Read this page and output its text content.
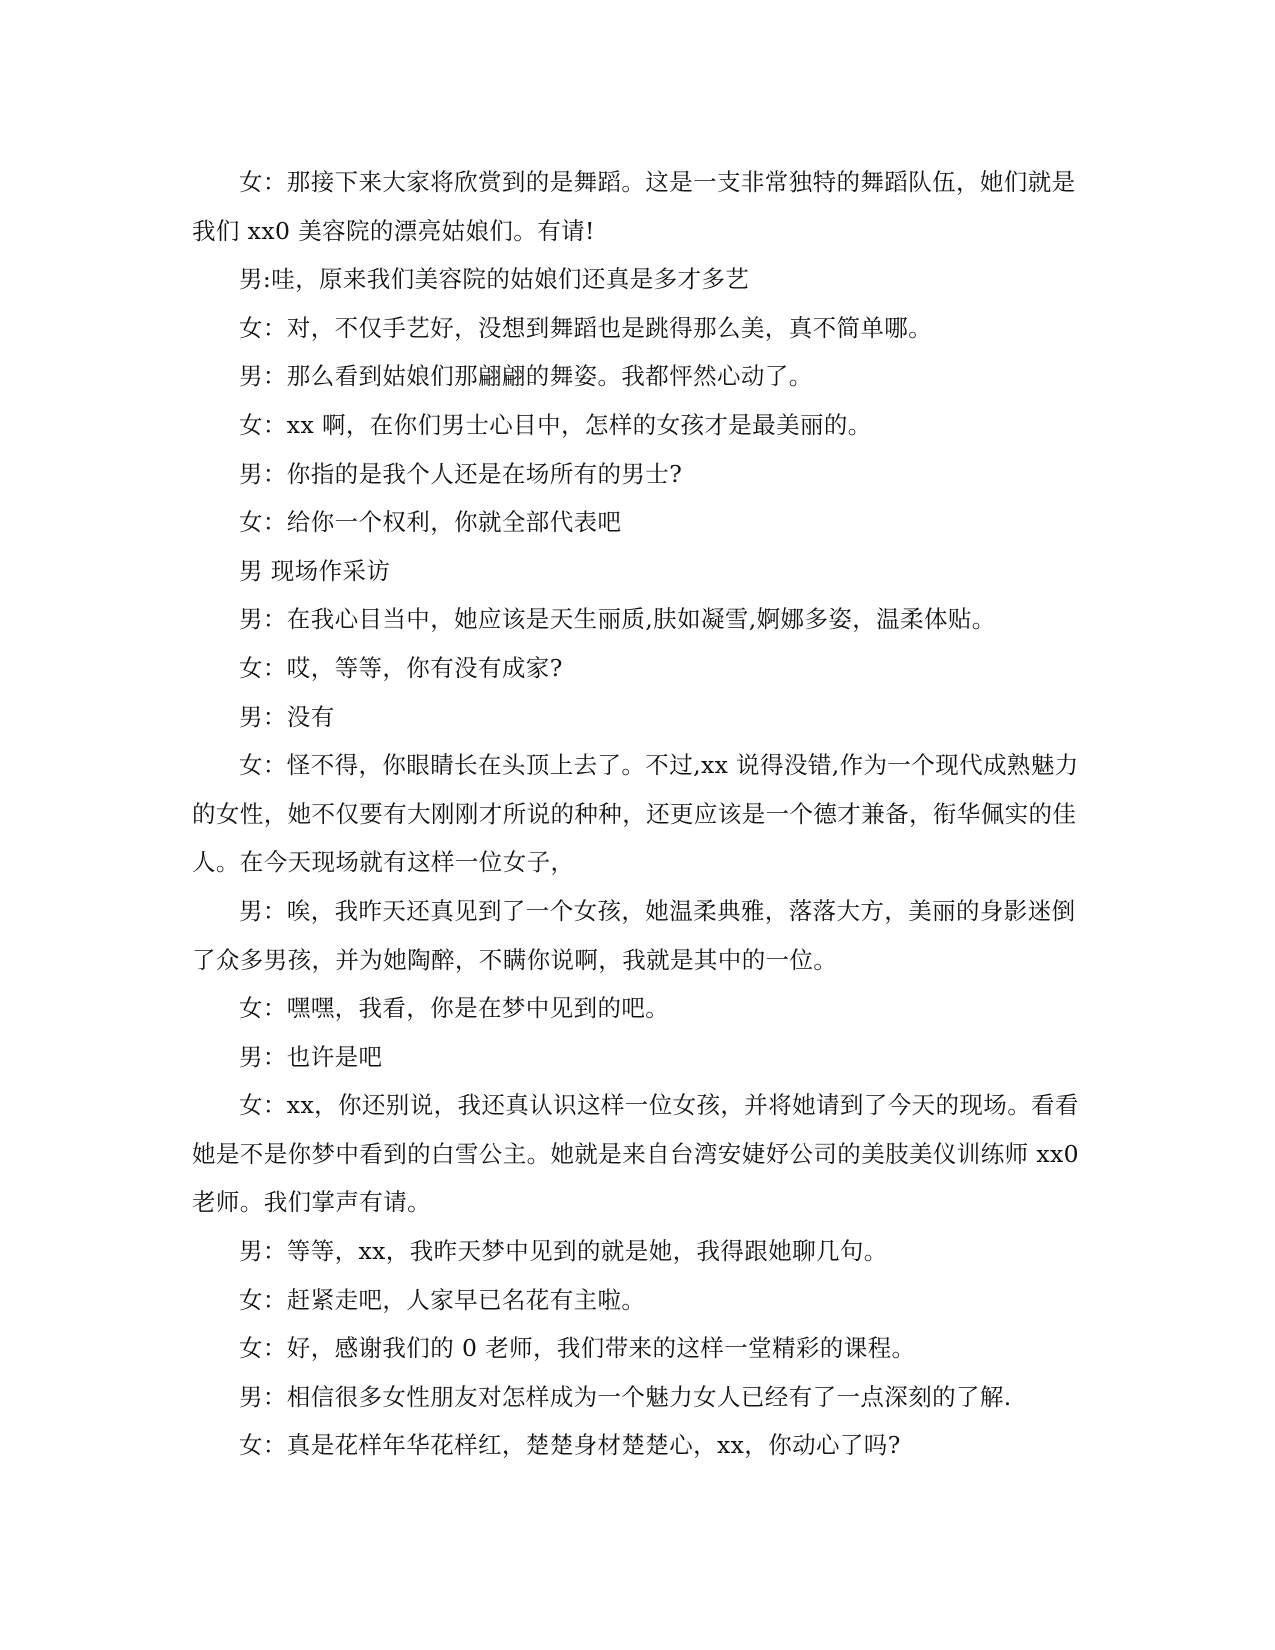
女：那接下来大家将欣赏到的是舞蹈。这是一支非常独特的舞蹈队伍，她们就是我们 xx0 美容院的漂亮姑娘们。有请!

男:哇，原来我们美容院的姑娘们还真是多才多艺

女：对，不仅手艺好，没想到舞蹈也是跳得那么美，真不简单哪。

男：那么看到姑娘们那翩翩的舞姿。我都怦然心动了。

女：xx 啊，在你们男士心目中，怎样的女孩才是最美丽的。

男：你指的是我个人还是在场所有的男士?

女：给你一个权利，你就全部代表吧

男 现场作采访

男：在我心目当中，她应该是天生丽质,肤如凝雪,婀娜多姿，温柔体贴。

女：哎，等等，你有没有成家?

男：没有

女：怪不得，你眼睛长在头顶上去了。不过,xx 说得没错,作为一个现代成熟魅力的女性，她不仅要有大刚刚才所说的种种，还更应该是一个德才兼备，衔华佩实的佳人。在今天现场就有这样一位女子，

男：唉，我昨天还真见到了一个女孩，她温柔典雅，落落大方，美丽的身影迷倒了众多男孩，并为她陶醉，不瞒你说啊，我就是其中的一位。

女：嘿嘿，我看，你是在梦中见到的吧。

男：也许是吧

女：xx，你还别说，我还真认识这样一位女孩，并将她请到了今天的现场。看看她是不是你梦中看到的白雪公主。她就是来自台湾安婕妤公司的美肢美仪训练师 xx0 老师。我们掌声有请。

男：等等，xx，我昨天梦中见到的就是她，我得跟她聊几句。

女：赶紧走吧，人家早已名花有主啦。

女：好，感谢我们的 0 老师，我们带来的这样一堂精彩的课程。

男：相信很多女性朋友对怎样成为一个魅力女人已经有了一点深刻的了解.

女：真是花样年华花样红，楚楚身材楚楚心，xx，你动心了吗?
